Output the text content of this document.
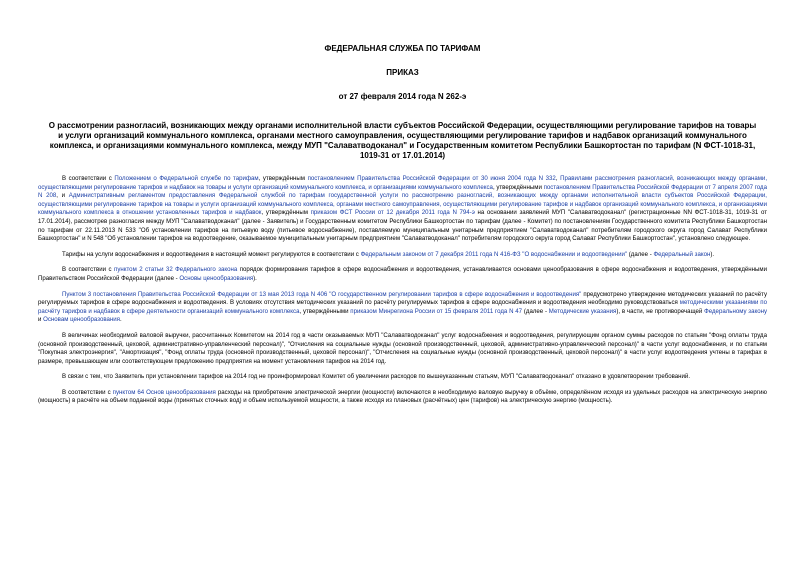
ФЕДЕРАЛЬНАЯ СЛУЖБА ПО ТАРИФАМ
ПРИКАЗ
от 27 февраля 2014 года N 262-э
О рассмотрении разногласий, возникающих между органами исполнительной власти субъектов Российской Федерации, осуществляющими регулирование тарифов на товары и услуги организаций коммунального комплекса, органами местного самоуправления, осуществляющими регулирование тарифов и надбавок организаций коммунального комплекса, и организациями коммунального комплекса, между МУП "Салаватводоканал" и Государственным комитетом Республики Башкортостан по тарифам (N ФСТ-1018-31, 1019-31 от 17.01.2014)

В соответствии с Положением о Федеральной службе по тарифам, утверждённым постановлением Правительства Российской Федерации от 30 июня 2004 года N 332, Правилами рассмотрения разногласий, возникающих между органами, осуществляющими регулирование тарифов и надбавок на товары и услуги организаций коммунального комплекса, и организациями коммунального комплекса, утверждёнными постановлением Правительства Российской Федерации от 7 апреля 2007 года N 208, и Административным регламентом предоставления Федеральной службой по тарифам государственной услуги по рассмотрению разногласий, возникающих между органами исполнительной власти субъектов Российской Федерации, осуществляющими регулирование тарифов на товары и услуги организаций коммунального комплекса, органами местного самоуправления, осуществляющими регулирование тарифов и надбавок организаций коммунального комплекса, и организациями коммунального комплекса в отношении установленных тарифов и надбавок, утверждённым приказом ФСТ России от 12 декабря 2011 года N 794-э на основании заявлений МУП "Салаватводоканал" (регистрационные NN ФСТ-1018-31, 1019-31 от 17.01.2014), рассмотрев разногласия между МУП "Салаватводоканал" (далее - Заявитель) и Государственным комитетом Республики Башкортостан по тарифам (далее - Комитет) по постановлениям Государственного комитета Республики Башкортостан по тарифам от 22.11.2013 N 533 "Об установлении тарифов на питьевую воду (питьевое водоснабжение), поставляемую муниципальным унитарным предприятием "Салаватводоканал" потребителям городского округа город Салават Республики Башкортостан" и N 548 "Об установлении тарифов на водоотведение, оказываемое муниципальным унитарным предприятием "Салаватводоканал" потребителям городского округа город Салават Республики Башкортостан", установлено следующее.

Тарифы на услуги водоснабжения и водоотведения в настоящий момент регулируются в соответствии с Федеральным законом от 7 декабря 2011 года N 416-ФЗ "О водоснабжении и водоотведении" (далее - Федеральный закон).

В соответствии с пунктом 2 статьи 32 Федерального закона порядок формирования тарифов в сфере водоснабжения и водоотведения, устанавливается основами ценообразования в сфере водоснабжения и водоотведения, утверждёнными Правительством Российской Федерации (далее - Основы ценообразования).

Пунктом 3 постановления Правительства Российской Федерации от 13 мая 2013 года N 406 "О государственном регулировании тарифов в сфере водоснабжения и водоотведения" предусмотрено утверждение методических указаний по расчёту регулируемых тарифов в сфере водоснабжения и водоотведения. В условиях отсутствия методических указаний по расчёту регулируемых тарифов в сфере водоснабжения и водоотведения необходимо руководствоваться методическими указаниями по расчёту тарифов и надбавок в сфере деятельности организаций коммунального комплекса, утверждёнными приказом Минрегиона России от 15 февраля 2011 года N 47 (далее - Методические указания), в части, не противоречащей Федеральному закону и Основам ценообразования.

В величинах необходимой валовой выручки, рассчитанных Комитетом на 2014 год в части оказываемых МУП "Салаватводоканал" услуг водоснабжения и водоотведения, регулирующим органом суммы расходов по статьям "Фонд оплаты труда (основной производственный, цеховой, административно-управленческий персонал)", "Отчисления на социальные нужды (основной производственный, цеховой, административно-управленческий персонал)" в части услуг водоснабжения, и по статьям "Покупная электроэнергия", "Амортизация", "Фонд оплаты труда (основной производственный, цеховой персонал)", "Отчисления на социальные нужды (основной производственный, цеховой персонал)" в части услуг водоотведения учтены в тарифах в размере, превышающем или соответствующем предложению предприятия на момент установления тарифов на 2014 год.

В связи с тем, что Заявитель при установлении тарифов на 2014 год не проинформировал Комитет об увеличении расходов по вышеуказанным статьям, МУП "Салаватводоканал" отказано в удовлетворении требований.

В соответствии с пунктом 64 Основ ценообразования расходы на приобретение электрической энергии (мощности) включаются в необходимую валовую выручку в объёме, определённом исходя из удельных расходов на электрическую энергию (мощность) в расчёте на объем поданной воды (принятых сточных вод) и объем используемой мощности, а также исходя из плановых (расчётных) цен (тарифов) на электрическую энергию (мощность).
